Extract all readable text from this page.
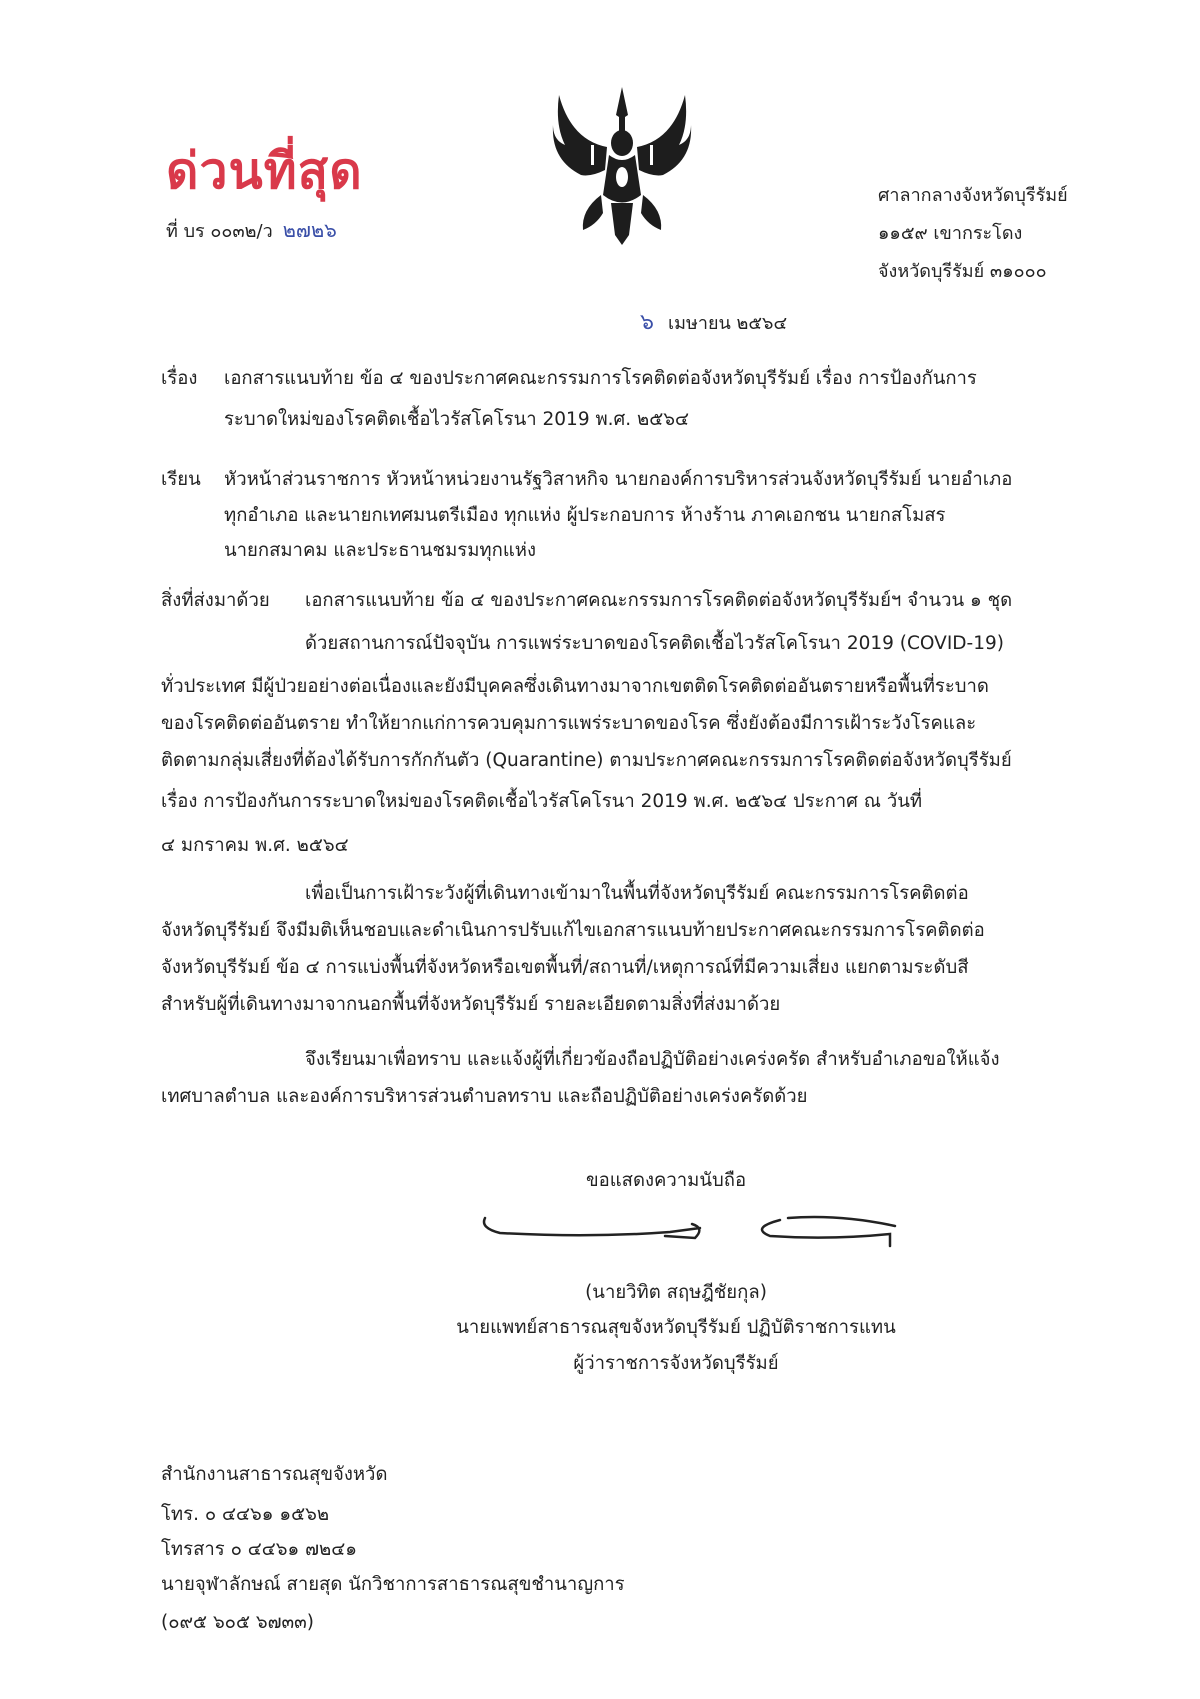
ด่วนที่สุด
ที่ บร ๐๐๓๒/ว ๒๗๒๖
ศาลากลางจังหวัดบุรีรัมย์
๑๑๕๙ เขากระโดง
จังหวัดบุรีรัมย์ ๓๑๐๐๐
๖ เมษายน ๒๕๖๔
เรื่อง เอกสารแนบท้าย ข้อ ๔ ของประกาศคณะกรรมการโรคติดต่อจังหวัดบุรีรัมย์ เรื่อง การป้องกันการ
ระบาดใหม่ของโรคติดเชื้อไวรัสโคโรนา 2019 พ.ศ. ๒๕๖๔
เรียน หัวหน้าส่วนราชการ หัวหน้าหน่วยงานรัฐวิสาหกิจ นายกองค์การบริหารส่วนจังหวัดบุรีรัมย์ นายอำเภอ
ทุกอำเภอ และนายกเทศมนตรีเมือง ทุกแห่ง ผู้ประกอบการ ห้างร้าน ภาคเอกชน นายกสโมสร
นายกสมาคม และประธานชมรมทุกแห่ง
สิ่งที่ส่งมาด้วย เอกสารแนบท้าย ข้อ ๔ ของประกาศคณะกรรมการโรคติดต่อจังหวัดบุรีรัมย์ฯ จำนวน ๑ ชุด
ด้วยสถานการณ์ปัจจุบัน การแพร่ระบาดของโรคติดเชื้อไวรัสโคโรนา 2019 (COVID-19)
ทั่วประเทศ มีผู้ป่วยอย่างต่อเนื่องและยังมีบุคคลซึ่งเดินทางมาจากเขตติดโรคติดต่ออันตรายหรือพื้นที่ระบาด
ของโรคติดต่ออันตราย ทำให้ยากแก่การควบคุมการแพร่ระบาดของโรค ซึ่งยังต้องมีการเฝ้าระวังโรคและ
ติดตามกลุ่มเสี่ยงที่ต้องได้รับการกักกันตัว (Quarantine) ตามประกาศคณะกรรมการโรคติดต่อจังหวัดบุรีรัมย์
เรื่อง การป้องกันการระบาดใหม่ของโรคติดเชื้อไวรัสโคโรนา 2019 พ.ศ. ๒๕๖๔ ประกาศ ณ วันที่
๔ มกราคม พ.ศ. ๒๕๖๔
เพื่อเป็นการเฝ้าระวังผู้ที่เดินทางเข้ามาในพื้นที่จังหวัดบุรีรัมย์ คณะกรรมการโรคติดต่อ
จังหวัดบุรีรัมย์ จึงมีมติเห็นชอบและดำเนินการปรับแก้ไขเอกสารแนบท้ายประกาศคณะกรรมการโรคติดต่อ
จังหวัดบุรีรัมย์ ข้อ ๔ การแบ่งพื้นที่จังหวัดหรือเขตพื้นที่/สถานที่/เหตุการณ์ที่มีความเสี่ยง แยกตามระดับสี
สำหรับผู้ที่เดินทางมาจากนอกพื้นที่จังหวัดบุรีรัมย์ รายละเอียดตามสิ่งที่ส่งมาด้วย
จึงเรียนมาเพื่อทราบ และแจ้งผู้ที่เกี่ยวข้องถือปฏิบัติอย่างเคร่งครัด สำหรับอำเภอขอให้แจ้ง
เทศบาลตำบล และองค์การบริหารส่วนตำบลทราบ และถือปฏิบัติอย่างเคร่งครัดด้วย
ขอแสดงความนับถือ
(นายวิทิต สฤษฎีชัยกุล)
นายแพทย์สาธารณสุขจังหวัดบุรีรัมย์ ปฏิบัติราชการแทน
ผู้ว่าราชการจังหวัดบุรีรัมย์
สำนักงานสาธารณสุขจังหวัด
โทร. ๐ ๔๔๖๑ ๑๕๖๒
โทรสาร ๐ ๔๔๖๑ ๗๒๔๑
นายจุฬาลักษณ์ สายสุด นักวิชาการสาธารณสุขชำนาญการ
(๐๙๕ ๖๐๕ ๖๗๓๓)
